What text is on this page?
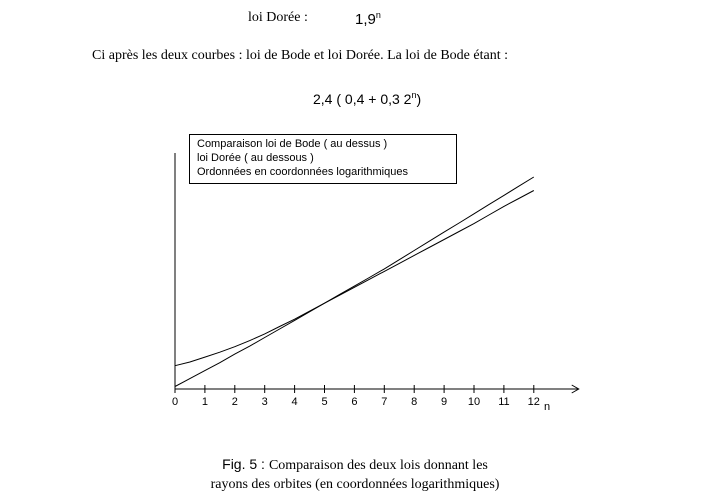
loi Dorée :	1,9$^n$
Ci après les deux courbes : loi de Bode et loi Dorée. La loi de Bode étant :
2,4 ( 0,4 + 0,3 2$^n$)
0 1 2 3 4 5 6 7 8 9 10 11 12 n
Comparaison loi de Bode ( au dessus )
loi Dorée ( au dessous )
Ordonnées en coordonnées logarithmiques
Fig. 5 : Comparaison des deux lois donnant les
rayons des orbites (en coordonnées logarithmiques)
